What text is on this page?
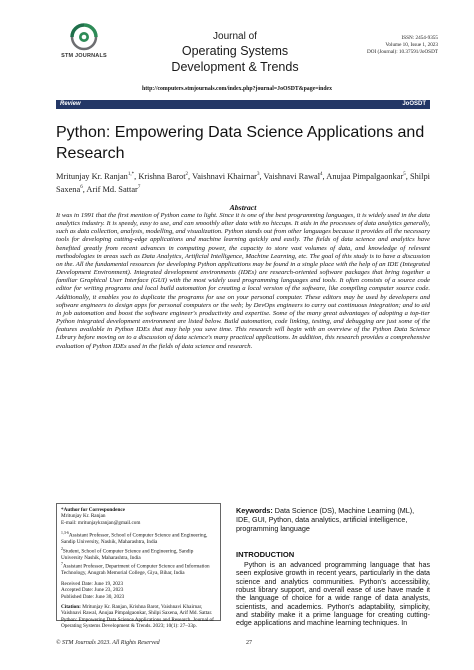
STM JOURNALS
Journal of
Operating Systems
Development & Trends
ISSN: 2454-9355
Volume 10, Issue 1, 2023
DOI (Journal): 10.37591/JoOSDT
http://computers.stmjournals.com/index.php?journal=JoOSDT&page=index
Review	JoOSDT
Python: Empowering Data Science Applications and Research
Mritunjay Kr. Ranjan$^{1,*}$, Krishna Barot$^2$, Vaishnavi Khairnar$^3$, Vaishnavi Rawal$^4$, Anujaa Pimpalgaonkar$^5$, Shilpi Saxena$^6$, Arif Md. Sattar$^7$
Abstract
It was in 1991 that the first mention of Python came to light. Since it is one of the best programming languages, it is widely used in the data analytics industry. It is speedy, easy to use, and can smoothly alter data with no hiccups. It aids in the processes of data analytics generally, such as data collection, analysis, modelling, and visualization. Python stands out from other languages because it provides all the necessary tools for developing cutting-edge applications and machine learning quickly and easily. The fields of data science and analytics have benefited greatly from recent advances in computing power, the capacity to store vast volumes of data, and knowledge of relevant methodologies in areas such as Data Analytics, Artificial Intelligence, Machine Learning, etc. The goal of this study is to have a discussion on the. All the fundamental resources for developing Python applications may be found in a single place with the help of an IDE (Integrated Development Environment). Integrated development environments (IDEs) are research-oriented software packages that bring together a familiar Graphical User Interface (GUI) with the most widely used programming languages and tools. It often consists of a source code editor for writing programs and local build automation for creating a local version of the software, like compiling computer source code. Additionally, it enables you to duplicate the programs for use on your personal computer. These editors may be used by developers and software engineers to design apps for personal computers or the web; by DevOps engineers to carry out continuous integration; and to aid in job automation and boost the software engineer's productivity and expertise. Some of the many great advantages of adopting a top-tier Python integrated development environment are listed below. Build automation, code linking, testing, and debugging are just some of the features available in Python IDEs that may help you save time. This research will begin with an overview of the Python Data Science Library before moving on to a discussion of data science's many practical applications. In addition, this research provides a comprehensive evaluation of Python IDEs used in the fields of data science and research.
*Author for Correspondence
Mritunjay Kr. Ranjan
E-mail: mritunjaykranjan@gmail.com
$^{1,3-6}$Assistant Professor, School of Computer Science and Engineering, Sandip University, Nashik, Maharashtra, India
$^2$Student, School of Computer Science and Engineering, Sandip University Nashik, Maharashtra, India
$^7$Assistant Professor, Department of Computer Science and Information Technology, Anugrah Memorial College, Giya, Bihar, India
Received Date: June 19, 2023
Accepted Date: June 23, 2023
Published Date: June 30, 2023
Citation: Mritunjay Kr. Ranjan, Krishna Barot, Vaishnavi Khairnar, Vaishnavi Rawal, Anujaa Pimpalgaonkar, Shilpi Saxena, Arif Md. Sattar. Python: Empowering Data Science Applications and Research. Journal of Operating Systems Development & Trends. 2023; 10(1): 27–33p.
Keywords: Data Science (DS), Machine Learning (ML), IDE, GUI, Python, data analytics, artificial intelligence, programming language
INTRODUCTION
Python is an advanced programming language that has seen explosive growth in recent years, particularly in the data science and analytics communities. Python's accessibility, robust library support, and overall ease of use have made it the language of choice for a wide range of data analysts, scientists, and academics. Python's adaptability, simplicity, and stability make it a prime language for creating cutting-edge applications and machine learning techniques. In
© STM Journals 2023. All Rights Reserved	27
